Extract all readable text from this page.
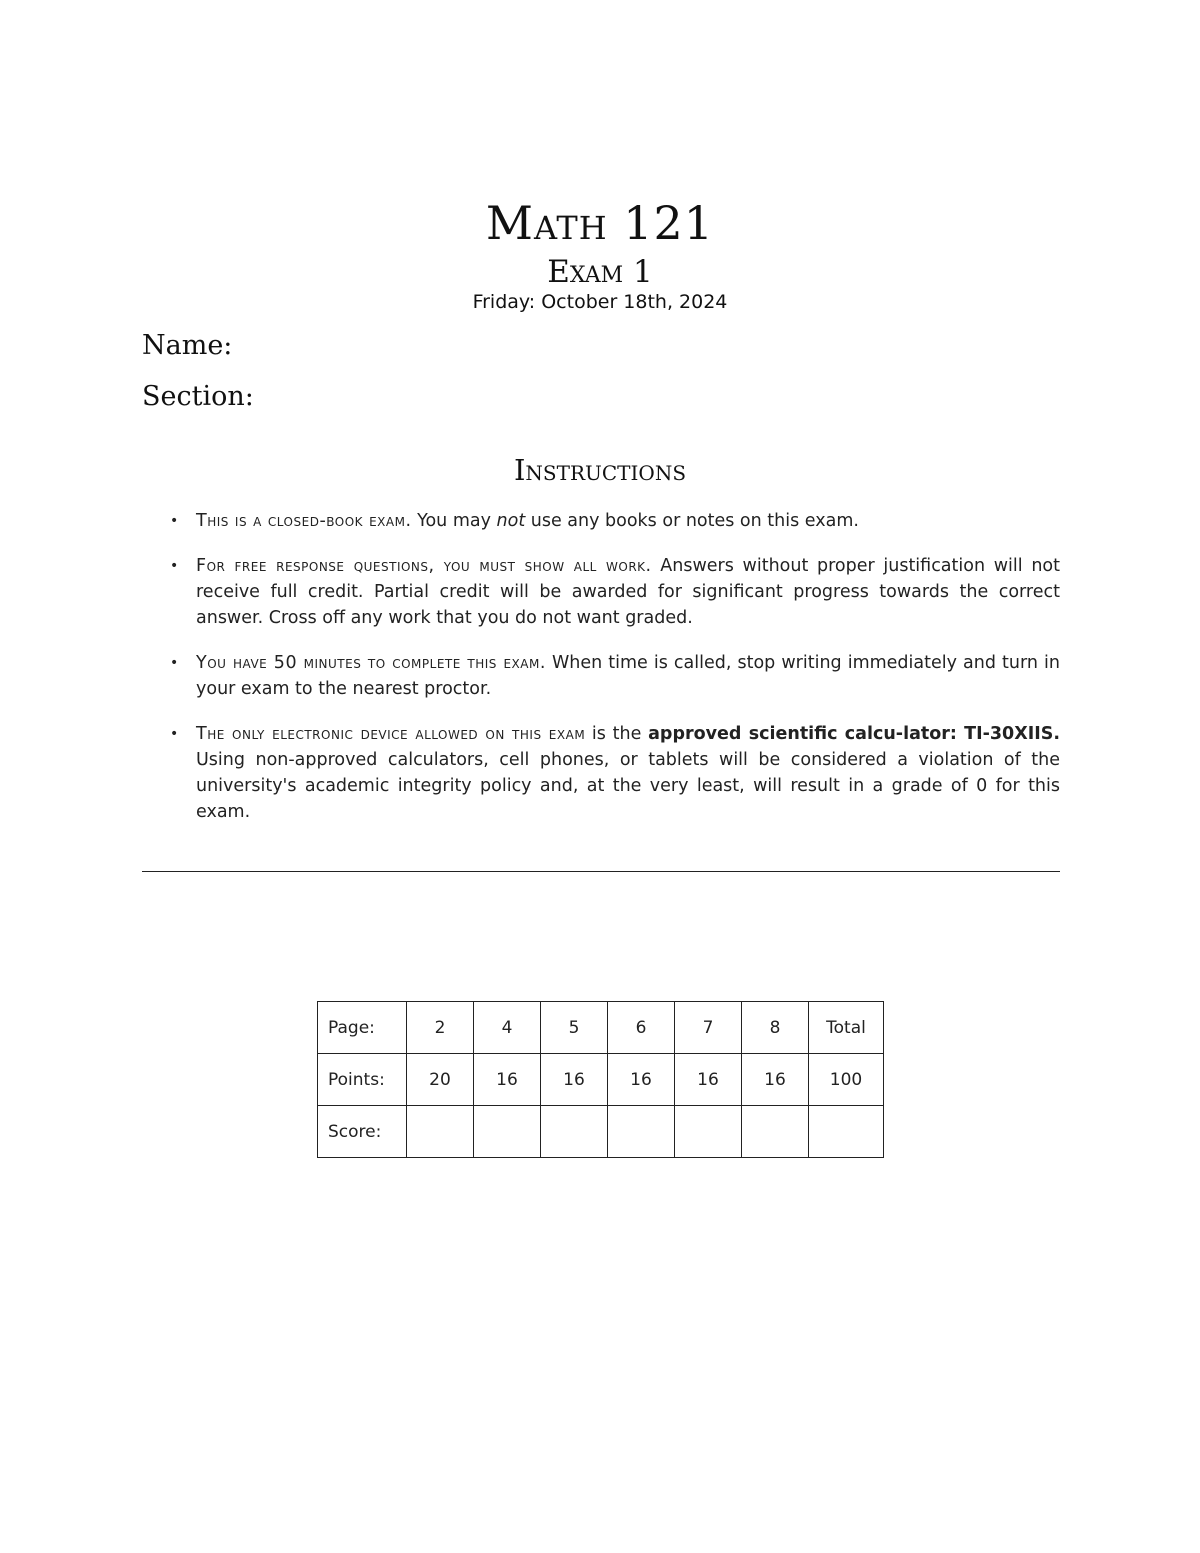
Math 121
Exam 1
Friday: October 18th, 2024
Name:
Section:
Instructions
• This is a closed-book exam. You may not use any books or notes on this exam.
• For free response questions, you must show all work. Answers without proper justification will not receive full credit. Partial credit will be awarded for significant progress towards the correct answer. Cross off any work that you do not want graded.
• You have 50 minutes to complete this exam. When time is called, stop writing immediately and turn in your exam to the nearest proctor.
• The only electronic device allowed on this exam is the approved scientific calcu-lator: TI-30XIIS. Using non-approved calculators, cell phones, or tablets will be considered a violation of the university's academic integrity policy and, at the very least, will result in a grade of 0 for this exam.
Page:	2	4	5	6	7	8	Total
Points:	20	16	16	16	16	16	100
Score:							
